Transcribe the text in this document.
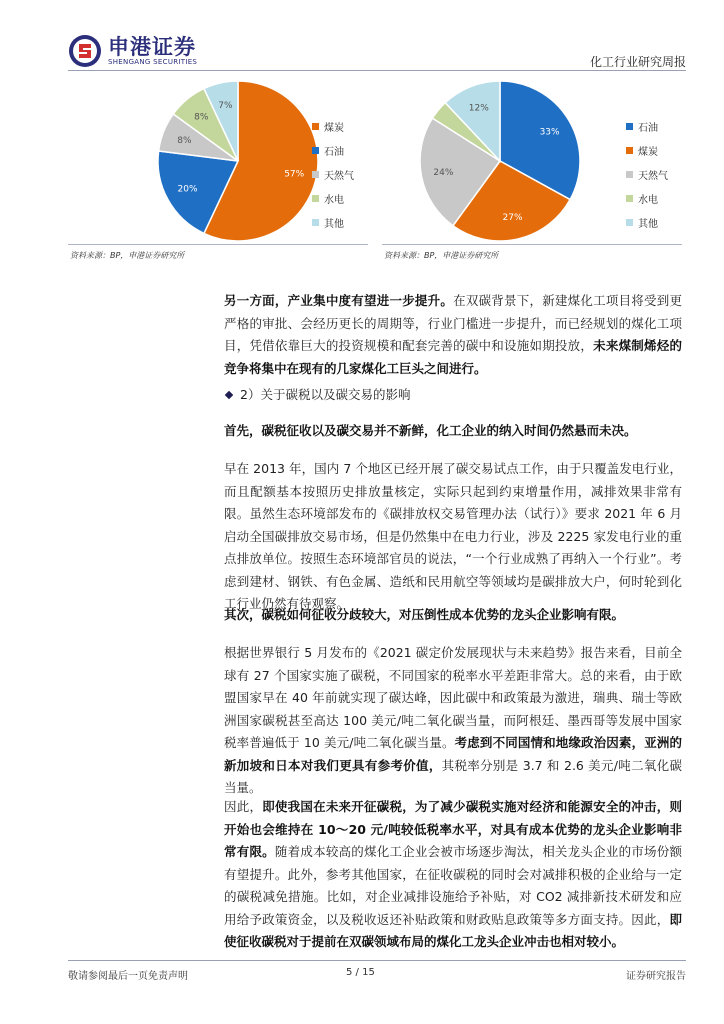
申港证券
SHENGANG SECURITIES	化工行业研究周报
57%
20%
8%
8%
7%
煤炭
石油
天然气
水电
其他
资料来源：BP，申港证券研究所
33%
27%
24%
12%
石油
煤炭
天然气
水电
其他
资料来源：BP，申港证券研究所

另一方面，产业集中度有望进一步提升。在双碳背景下，新建煤化工项目将受到更严格的审批、会经历更长的周期等，行业门槛进一步提升，而已经规划的煤化工项目，凭借依靠巨大的投资规模和配套完善的碳中和设施如期投放，未来煤制烯烃的竞争将集中在现有的几家煤化工巨头之间进行。

2）关于碳税以及碳交易的影响

首先，碳税征收以及碳交易并不新鲜，化工企业的纳入时间仍然悬而未决。

早在 2013 年，国内 7 个地区已经开展了碳交易试点工作，由于只覆盖发电行业，而且配额基本按照历史排放量核定，实际只起到约束增量作用，减排效果非常有限。虽然生态环境部发布的《碳排放权交易管理办法（试行）》要求 2021 年 6 月启动全国碳排放交易市场，但是仍然集中在电力行业，涉及 2225 家发电行业的重点排放单位。按照生态环境部官员的说法，“一个行业成熟了再纳入一个行业”。考虑到建材、钢铁、有色金属、造纸和民用航空等领域均是碳排放大户，何时轮到化工行业仍然有待观察。

其次，碳税如何征收分歧较大，对压倒性成本优势的龙头企业影响有限。

根据世界银行 5 月发布的《2021 碳定价发展现状与未来趋势》报告来看，目前全球有 27 个国家实施了碳税，不同国家的税率水平差距非常大。总的来看，由于欧盟国家早在 40 年前就实现了碳达峰，因此碳中和政策最为激进，瑞典、瑞士等欧洲国家碳税甚至高达 100 美元/吨二氧化碳当量，而阿根廷、墨西哥等发展中国家税率普遍低于 10 美元/吨二氧化碳当量。考虑到不同国情和地缘政治因素，亚洲的新加坡和日本对我们更具有参考价值，其税率分别是 3.7 和 2.6 美元/吨二氧化碳当量。

因此，即使我国在未来开征碳税，为了减少碳税实施对经济和能源安全的冲击，则开始也会维持在 10～20 元/吨较低税率水平，对具有成本优势的龙头企业影响非常有限。随着成本较高的煤化工企业会被市场逐步淘汰，相关龙头企业的市场份额有望提升。此外，参考其他国家，在征收碳税的同时会对减排积极的企业给与一定的碳税减免措施。比如，对企业减排设施给予补贴，对 CO2 减排新技术研发和应用给予政策资金，以及税收返还补贴政策和财政贴息政策等多方面支持。因此，即使征收碳税对于提前在双碳领域布局的煤化工龙头企业冲击也相对较小。

敬请参阅最后一页免责声明	5 / 15	证券研究报告
